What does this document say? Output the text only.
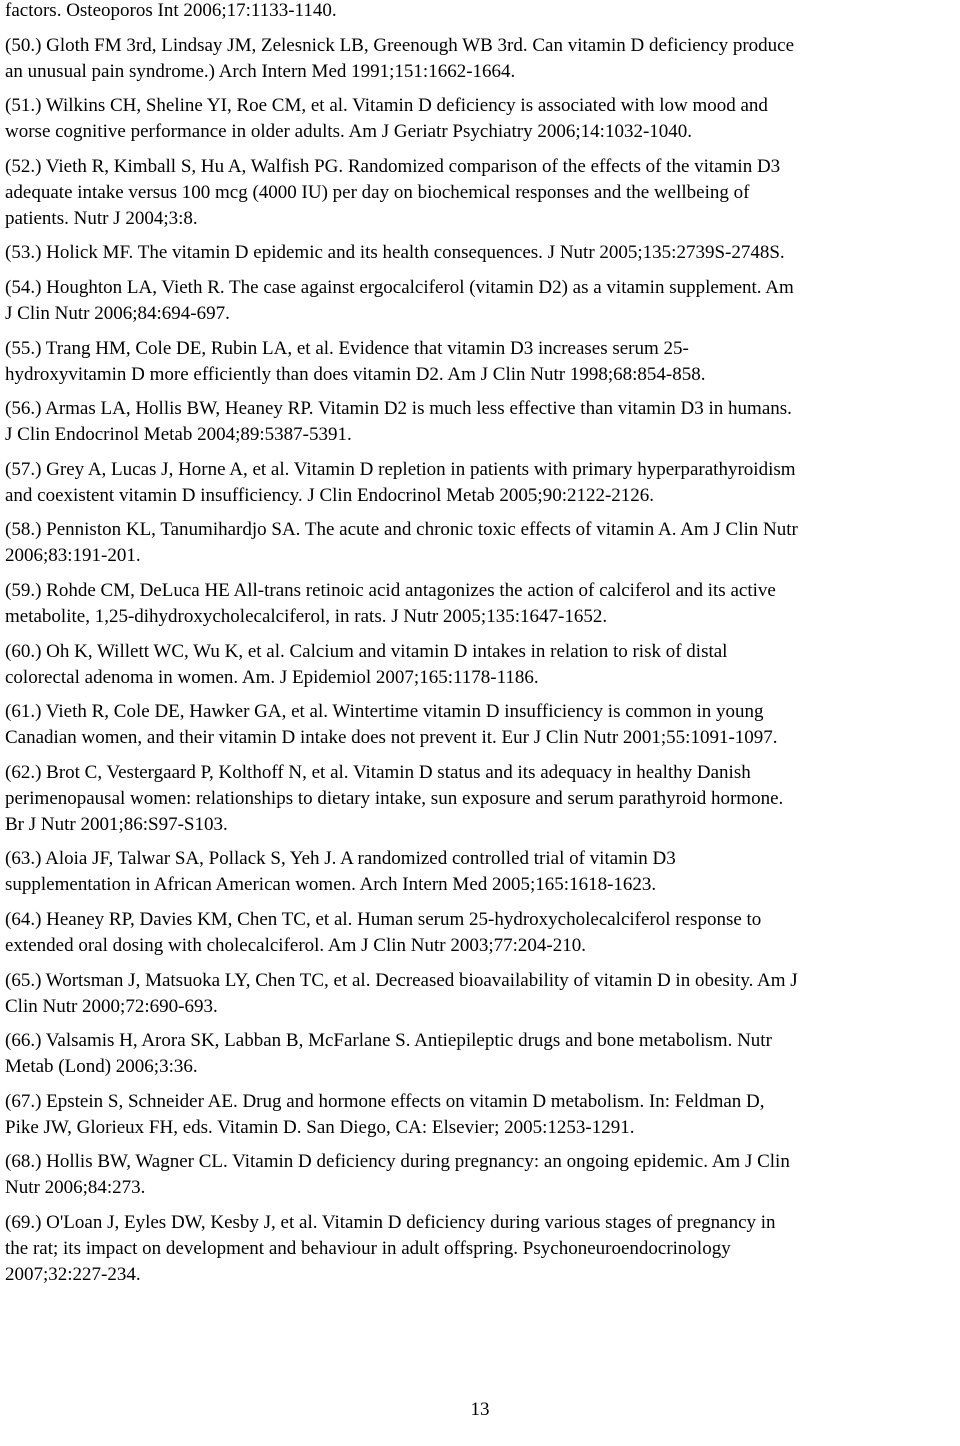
factors. Osteoporos Int 2006;17:1133-1140.
(50.) Gloth FM 3rd, Lindsay JM, Zelesnick LB, Greenough WB 3rd. Can vitamin D deficiency produce
an unusual pain syndrome.) Arch Intern Med 1991;151:1662-1664.
(51.) Wilkins CH, Sheline YI, Roe CM, et al. Vitamin D deficiency is associated with low mood and
worse cognitive performance in older adults. Am J Geriatr Psychiatry 2006;14:1032-1040.
(52.) Vieth R, Kimball S, Hu A, Walfish PG. Randomized comparison of the effects of the vitamin D3
adequate intake versus 100 mcg (4000 IU) per day on biochemical responses and the wellbeing of
patients. Nutr J 2004;3:8.
(53.) Holick MF. The vitamin D epidemic and its health consequences. J Nutr 2005;135:2739S-2748S.
(54.) Houghton LA, Vieth R. The case against ergocalciferol (vitamin D2) as a vitamin supplement. Am
J Clin Nutr 2006;84:694-697.
(55.) Trang HM, Cole DE, Rubin LA, et al. Evidence that vitamin D3 increases serum 25-
hydroxyvitamin D more efficiently than does vitamin D2. Am J Clin Nutr 1998;68:854-858.
(56.) Armas LA, Hollis BW, Heaney RP. Vitamin D2 is much less effective than vitamin D3 in humans.
J Clin Endocrinol Metab 2004;89:5387-5391.
(57.) Grey A, Lucas J, Horne A, et al. Vitamin D repletion in patients with primary hyperparathyroidism
and coexistent vitamin D insufficiency. J Clin Endocrinol Metab 2005;90:2122-2126.
(58.) Penniston KL, Tanumihardjo SA. The acute and chronic toxic effects of vitamin A. Am J Clin Nutr
2006;83:191-201.
(59.) Rohde CM, DeLuca HE All-trans retinoic acid antagonizes the action of calciferol and its active
metabolite, 1,25-dihydroxycholecalciferol, in rats. J Nutr 2005;135:1647-1652.
(60.) Oh K, Willett WC, Wu K, et al. Calcium and vitamin D intakes in relation to risk of distal
colorectal adenoma in women. Am. J Epidemiol 2007;165:1178-1186.
(61.) Vieth R, Cole DE, Hawker GA, et al. Wintertime vitamin D insufficiency is common in young
Canadian women, and their vitamin D intake does not prevent it. Eur J Clin Nutr 2001;55:1091-1097.
(62.) Brot C, Vestergaard P, Kolthoff N, et al. Vitamin D status and its adequacy in healthy Danish
perimenopausal women: relationships to dietary intake, sun exposure and serum parathyroid hormone.
Br J Nutr 2001;86:S97-S103.
(63.) Aloia JF, Talwar SA, Pollack S, Yeh J. A randomized controlled trial of vitamin D3
supplementation in African American women. Arch Intern Med 2005;165:1618-1623.
(64.) Heaney RP, Davies KM, Chen TC, et al. Human serum 25-hydroxycholecalciferol response to
extended oral dosing with cholecalciferol. Am J Clin Nutr 2003;77:204-210.
(65.) Wortsman J, Matsuoka LY, Chen TC, et al. Decreased bioavailability of vitamin D in obesity. Am J
Clin Nutr 2000;72:690-693.
(66.) Valsamis H, Arora SK, Labban B, McFarlane S. Antiepileptic drugs and bone metabolism. Nutr
Metab (Lond) 2006;3:36.
(67.) Epstein S, Schneider AE. Drug and hormone effects on vitamin D metabolism. In: Feldman D,
Pike JW, Glorieux FH, eds. Vitamin D. San Diego, CA: Elsevier; 2005:1253-1291.
(68.) Hollis BW, Wagner CL. Vitamin D deficiency during pregnancy: an ongoing epidemic. Am J Clin
Nutr 2006;84:273.
(69.) O'Loan J, Eyles DW, Kesby J, et al. Vitamin D deficiency during various stages of pregnancy in
the rat; its impact on development and behaviour in adult offspring. Psychoneuroendocrinology
2007;32:227-234.
13
